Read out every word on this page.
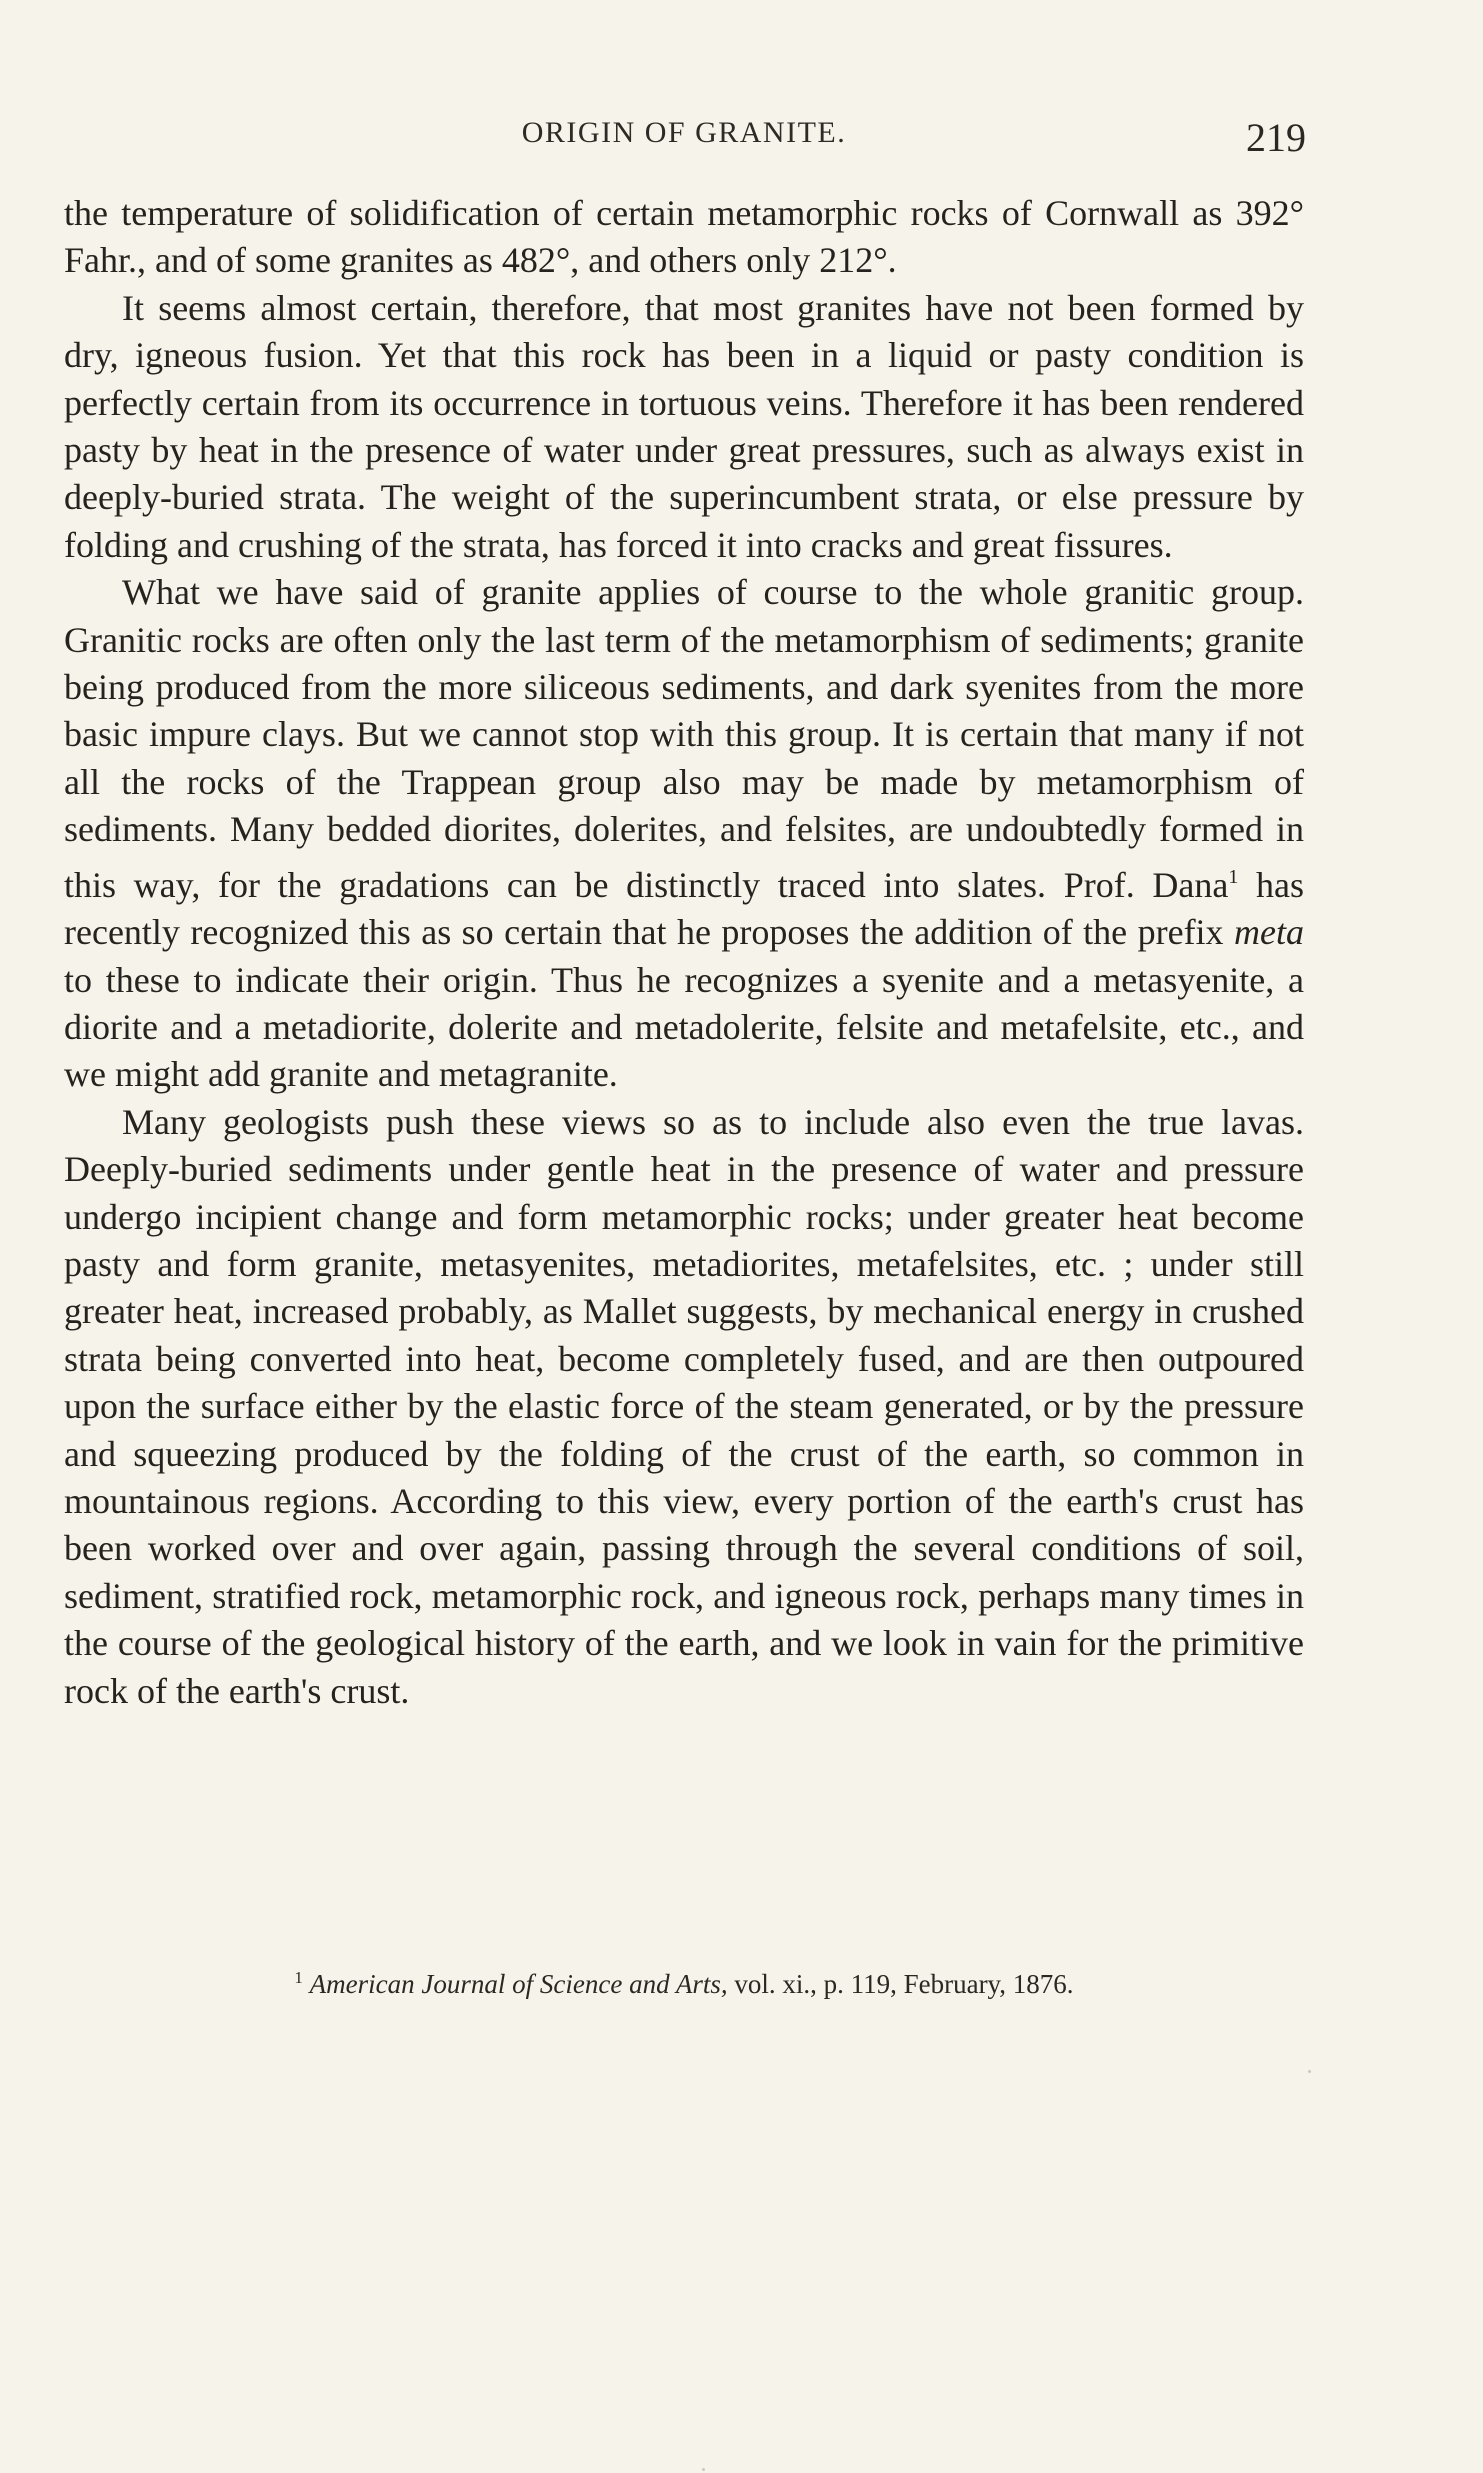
ORIGIN OF GRANITE.	219

the temperature of solidification of certain metamorphic rocks of Cornwall as 392° Fahr., and of some granites as 482°, and others only 212°.

It seems almost certain, therefore, that most granites have not been formed by dry, igneous fusion. Yet that this rock has been in a liquid or pasty condition is perfectly certain from its occurrence in tortuous veins. Therefore it has been rendered pasty by heat in the presence of water under great pressures, such as always exist in deeply-buried strata. The weight of the superincumbent strata, or else pressure by folding and crushing of the strata, has forced it into cracks and great fissures.

What we have said of granite applies of course to the whole granitic group. Granitic rocks are often only the last term of the metamorphism of sediments; granite being produced from the more siliceous sediments, and dark syenites from the more basic impure clays. But we cannot stop with this group. It is certain that many if not all the rocks of the Trappean group also may be made by metamorphism of sediments. Many bedded diorites, dolerites, and felsites, are undoubtedly formed in this way, for the gradations can be distinctly traced into slates. Prof. Dana$^1$ has recently recognized this as so certain that he proposes the addition of the prefix meta to these to indicate their origin. Thus he recognizes a syenite and a metasyenite, a diorite and a metadiorite, dolerite and metadolerite, felsite and metafelsite, etc., and we might add granite and metagranite.

Many geologists push these views so as to include also even the true lavas. Deeply-buried sediments under gentle heat in the presence of water and pressure undergo incipient change and form metamorphic rocks; under greater heat become pasty and form granite, metasyenites, metadiorites, metafelsites, etc. ; under still greater heat, increased probably, as Mallet suggests, by mechanical energy in crushed strata being converted into heat, become completely fused, and are then outpoured upon the surface either by the elastic force of the steam generated, or by the pressure and squeezing produced by the folding of the crust of the earth, so common in mountainous regions. According to this view, every portion of the earth's crust has been worked over and over again, passing through the several conditions of soil, sediment, stratified rock, metamorphic rock, and igneous rock, perhaps many times in the course of the geological history of the earth, and we look in vain for the primitive rock of the earth's crust.

$^1$ American Journal of Science and Arts, vol. xi., p. 119, February, 1876.
